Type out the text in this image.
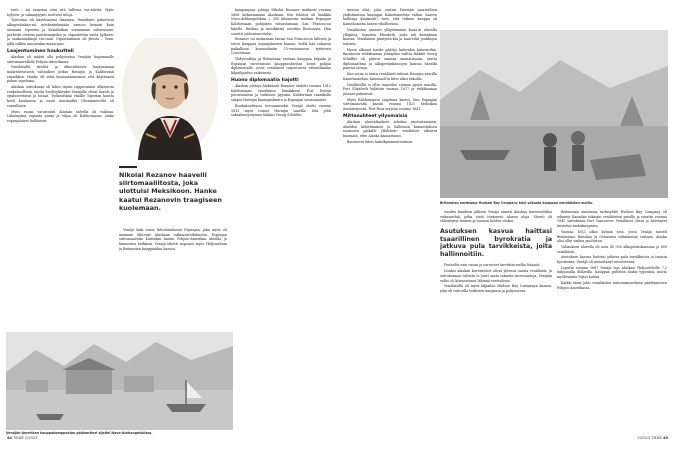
teeti – tai varastaa viini sitä tullessa vas-taleitä. Myös hyljeen- ja valaanpyynti tuottivat tuloja.

Työvoima tili käytännössä ilmainen. Venäläiset pakottivat alkuperäiskan-soi työskentelemään samoin keinoin kuin aiemmin Siperian ja Kamtšatkan niemimaan valtaessaan: perheitä otettiin panttivangeiksi ja vapautettiin vasta hylkeen- ja saukonnahkoja vas-taan. Orjuuttaminen oli yleistä – Venä-jällä vallitsi muutenkin maaorjuus.

Laajentuminen houkutteli

Alaskan oli määrä olla pohjoisessa Venäjän laajemmalle siirtomaavallalle Pohjois-Amerikassa.

Venäläisiltä tiiviiltä ja ulkovaltioista laajenemaan määrätietoisesti valtaukset pitkin Havaijin ja Kalifornian rannikkoa. Hanke oli sekä kunnianhimoinen että käytännön pakon sanelema.

Alaskan siirtokunta oli lähes täysin riippuvainen ulkoisesta ruokahuollosta, mutta huoltoyhteydet Venäjälle olivat harvat ja epäluotettavat ja hitaat. Työkenttään etäälle Siperian kautta kesti kuukausia ja usein merimatka Ohotanmereltä oli vaarallinen.

Myös ruoan varastointi Alaskan talvella oli vaikeaa. Lähempänä vapaata puuta ja viljaa oli Kaliforniassa, jonka espanjalaiset hallitsivat.

Nikolai Rezanov haaveili siirtomaaliitosta, joka ulottuisi Meksikoon. Hanke kaatui Rezanovin traagiseen kuolemaan.

Venäjä haki ensin liittolaisekseen Espanjaa, joka myös oli aiemmin lähtenyt Alaskaan tutkimusretkikuntia. Espanjan siirtomaavalta kuitenkin kaatui Pohjois-Amerikan alueilla ja kiinnostus heikkeni. Venäjä lähetti nopeasti myös Yhdysvaltain ja Britannian kauppiaiden kanssa.

kompanjaan johtaja Nikolai Rezanov matkusti vuonna 1806 tarkastamaan Alaskaan. Sen tehtävä oli hankkia Novo-Arkhangelskiin 2 300 kilometrin matkan Espanjan Kaliforniaan pohjoisen ratsastamaan San Franciscon lähelle. Ruokaa ja tarvikkeita ostettiin Bostonista. Hän suoritti jatkoneuvottelut.

Rezanov toi mukanaan laivan San Franciscon lahteen ja toivoi kauppaa espanjalaisten kanssa. Siellä hän rakastui paikallisen komendantin 15-vuotiaaseen tyttäreen Conchitaan.

Yhdysvaltoja ja Britanniaa vastaan kauppaa kilpailu ja Espanjan varovaisuus kauppasuhteissa loivat pohjaa diplomatialle, jossa venäläiset tarjoutuivat vähentämään kilpailijoiden vaikutusta.

Huono diplomaatia hajotti

Alaskan johtaja Aleksandr Baranov ehdotti vuonna 1812 Kaliforniaan venäläisen linnakkeen Fort Rossin perustamista ja turkisten pyyntiä. Kalifornian rannikolle saapui Havaijin kuningaskunta ja Espanjan viranomaiset.

Ruokahuoltonsa turvaamiseksi Venäjä aloitti vuonna 1815 myös toimet Havaijin saarilla. Sitä johti saksalaissyntyinen lääkäri Georg Schäffer.

Venäjän-Amerikan kauppakomppanian pääkonttori sijaitsi Novo-Arkhangelskissa.
44 TIEDE 2/2023

meisen alue, joka vastasi Havaijin saarivaltion yhdistämisen kuningas Kamehamehan valtaa. Saaren hallitsija Kaumualiʻi tiesi, että tärkein kauppa oli Kamehameha hänen vihollisensa.

Venäläisten saaneet ylläpitämään Kauaʻin alueella ylläpitoa, linnoitus Elizabeth, josta tuli kuninkaan kanssa. Venäläinen puutyötä-kin ja haaveilut joukkojen tuloista.

Hyvin alkanut hanke päättyi kuitenkin katastrofiin. Baranovin retkikunnan johtajaksi valittu lääkäri Georg Schäffer oli pätevä omassa ammatissaan, mutta diplomaattina ja alkuperäiskansojen kanssa häneltä puuttui taitoja.

Kun sotaa ei saatu venäläiset tukivat Havaijin saarilla Kamehamehaa, Kaumualiʻin liitto alkoi rakoilla.

Venäläisillä ei ollut tarpeeksi voimaa pysyä saarilla. Fort Elizabeth hylättiin vuonna 1817 ja retkikunnan jäsenet pakenivat.

Myös Kaliforniassa ongelmia kasvoi, kun Espanjan siirtomaavalta kaatui vuonna 1821 Meksikon itsenäistyessä. Fort Ross myytiin vuonna 1841.

Mittasuhteet yllyomaisia

Alaskan aluevaltaukset tehokas puolustaminen, alueiden kehittäminen ja hallinnon kiinnostuksen tuominen paikalle yllättävät: venäläiset alkoivat huomata, ettei Alaska kannattanut.

Baranovin lähes kaksikymmenvuotinen

Britannian omistama Hudson Bay Company kävi vilkasta kauppaa venäläisten mailla.

vuoden kaudeen jälkeen Venäjä nimitti Alaskan kuvernööriksi virkamiehiä, jotka eivät tunteneet alueen oloja. Väestö oli vähentynyt tautien ja huonon hoidon vuoksi.

Asutuksen kasvua haittasi tsaarillinen byrokratia ja jatkuva pula tarvikkeista, joita hallinnoitiin.

Pietarilta sain ruoan ja varusteet tarvittiin melko hitaasti.

Lisäksi Alaskan kuvernöörit olivat yleensä nuoria venäläisiä, ja siirtokunnan tuloista ei juuri saatu takaisin investointeja. Venäjän valtio oli kiinnostunut lähinnä verotulosta.

Venäläisillä oli myös kilpailua Hudson Bay Companyn kanssa, joka oli vahvoilla turkisten kaupassa ja pohjoisessa.

Britannian omistama turkisyhtiö Hudson Bay Company oli edennyt Kanadan takaisin venäläisten perälle ja varattu vuonna 1842 siirtokunta Fort Vancouver. Venäläiset olivat jo hävinneet taistelun turkiskaupasta.

Vuonna 1853 alkoi Krimin sota, jossa Venäjä taisteli Britanniaa, Ranskaa ja Osmanien valtakuntaa vastaan. Alaska olisi ollut vaikea puolustaa.

Valtauksen alueella oli noin 40 000 alkuperäiskansaan ja 600 venäläistä.

Asutuksen kasvua haittasi jatkuva pula tarvikkeista ja tsaarin byrokratia. Venäjä oli menettänyt tavoitteensa.

Lopulta vuonna 1867 Venäjä myi Alaskan Yhdysvalloille 7,2 miljoonalla dollarilla. Kauppaa pidettiin aluksi typeränä, mutta myöhemmin löytyi kultaa.

Kaikki tämä johti venäläisten siirtomaaunelman päättymiseen Pohjois-Amerikassa.

2/2023 TIEDE 45
